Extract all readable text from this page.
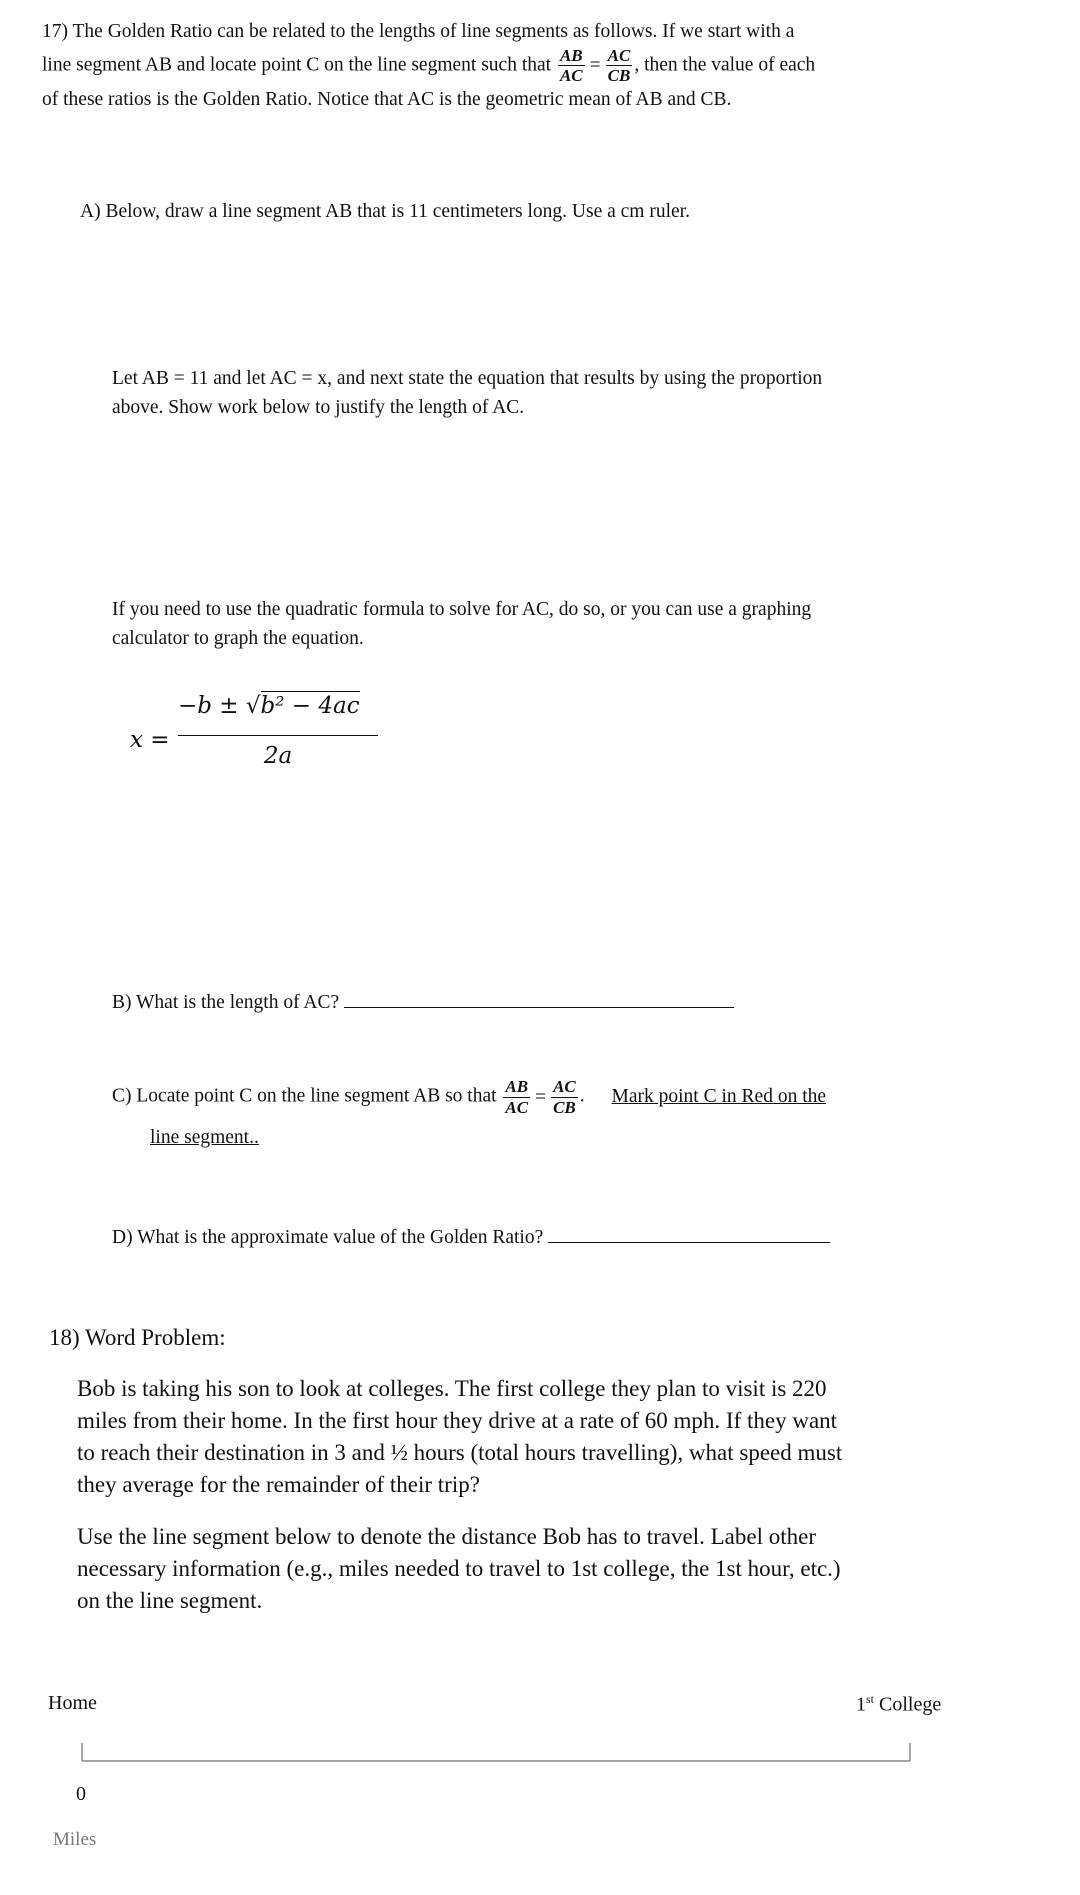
17) The Golden Ratio can be related to the lengths of line segments as follows. If we start with a
line segment AB and locate point C on the line segment such that $\frac{AB}{AC} = \frac{AC}{CB}$ , then the value of each
of these ratios is the Golden Ratio. Notice that AC is the geometric mean of AB and CB.
A) Below, draw a line segment AB that is 11 centimeters long. Use a cm ruler.
Let AB = 11 and let AC = x, and next state the equation that results by using the proportion
above. Show work below to justify the length of AC.
If you need to use the quadratic formula to solve for AC, do so, or you can use a graphing
calculator to graph the equation.
x =
−b ± √b² − 4ac
2a
B) What is the length of AC?
C) Locate point C on the line segment AB so that $\frac{AB}{AC} = \frac{AC}{CB}$ . Mark point C in Red on the
line segment..
D) What is the approximate value of the Golden Ratio?
18) Word Problem:
Bob is taking his son to look at colleges. The first college they plan to visit is 220
miles from their home. In the first hour they drive at a rate of 60 mph. If they want
to reach their destination in 3 and ½ hours (total hours travelling), what speed must
they average for the remainder of their trip?
Use the line segment below to denote the distance Bob has to travel. Label other
necessary information (e.g., miles needed to travel to 1st college, the 1st hour, etc.)
on the line segment.
Home	1st College
0
Miles
